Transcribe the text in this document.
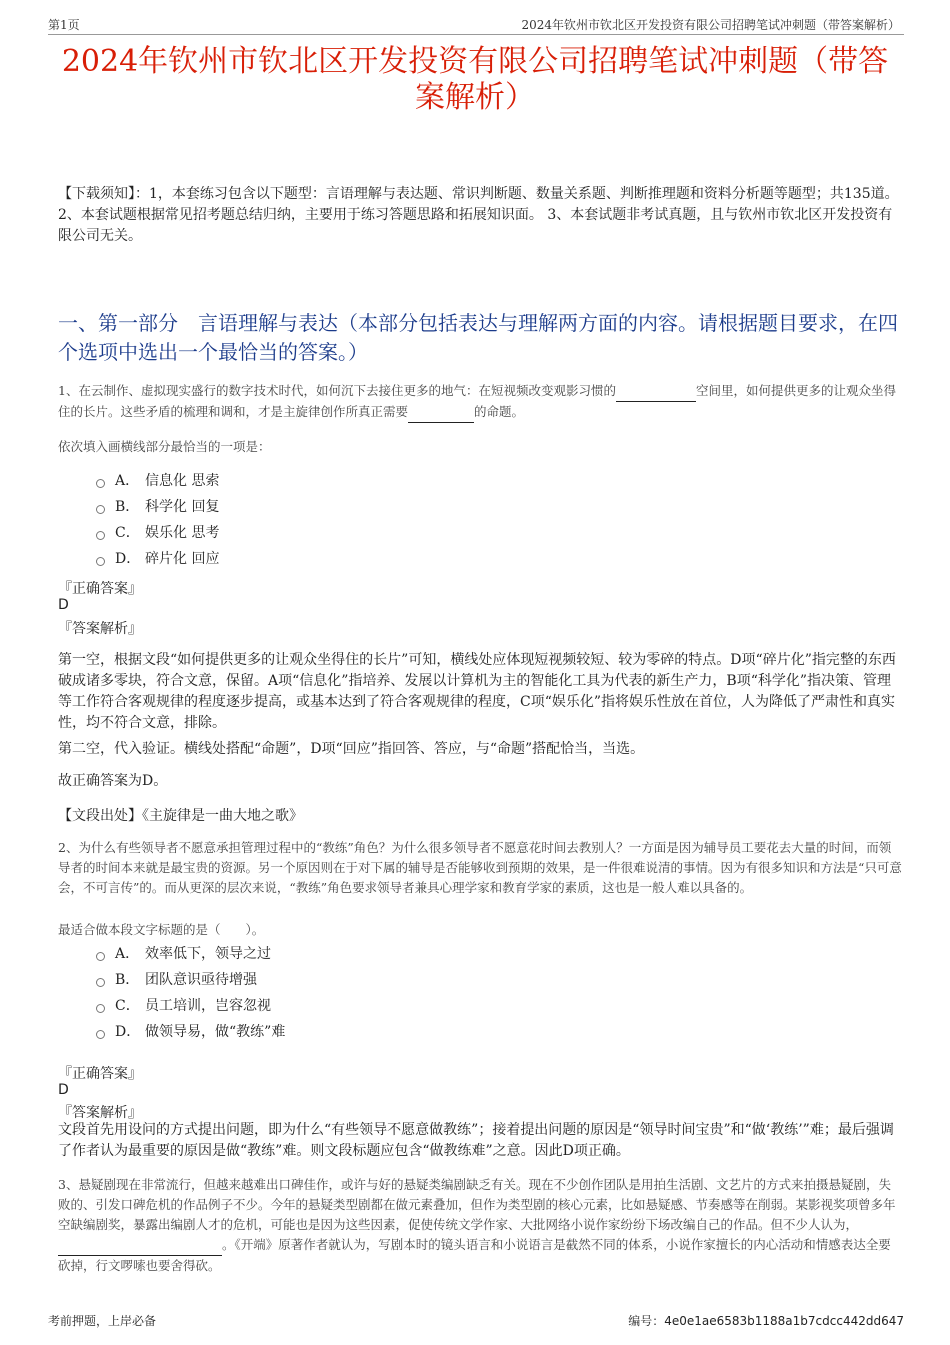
第1页	2024年钦州市钦北区开发投资有限公司招聘笔试冲刺题（带答案解析）
2024年钦州市钦北区开发投资有限公司招聘笔试冲刺题（带答案解析）
【下载须知】：1，本套练习包含以下题型：言语理解与表达题、常识判断题、数量关系题、判断推理题和资料分析题等题型；共135道。 2、本套试题根据常见招考题总结归纳，主要用于练习答题思路和拓展知识面。 3、本套试题非考试真题，且与钦州市钦北区开发投资有限公司无关。
一、第一部分　言语理解与表达（本部分包括表达与理解两方面的内容。请根据题目要求，在四个选项中选出一个最恰当的答案。）
1、在云制作、虚拟现实盛行的数字技术时代，如何沉下去接住更多的地气：在短视频改变观影习惯的	空间里，如何提供更多的让观众坐得住的长片。这些矛盾的梳理和调和，才是主旋律创作所真正需要	的命题。
依次填入画横线部分最恰当的一项是：
A． 信息化 思索
B． 科学化 回复
C． 娱乐化 思考
D． 碎片化 回应
『正确答案』
D
『答案解析』
第一空，根据文段“如何提供更多的让观众坐得住的长片”可知，横线处应体现短视频较短、较为零碎的特点。D项“碎片化”指完整的东西破成诸多零块，符合文意，保留。A项“信息化”指培养、发展以计算机为主的智能化工具为代表的新生产力，B项“科学化”指决策、管理等工作符合客观规律的程度逐步提高，或基本达到了符合客观规律的程度，C项“娱乐化”指将娱乐性放在首位，人为降低了严肃性和真实性，均不符合文意，排除。
第二空，代入验证。横线处搭配“命题”，D项“回应”指回答、答应，与“命题”搭配恰当，当选。
故正确答案为D。
【文段出处】《主旋律是一曲大地之歌》
2、为什么有些领导者不愿意承担管理过程中的“教练”角色？为什么很多领导者不愿意花时间去教别人？一方面是因为辅导员工要花去大量的时间，而领导者的时间本来就是最宝贵的资源。另一个原因则在于对下属的辅导是否能够收到预期的效果，是一件很难说清的事情。因为有很多知识和方法是“只可意会，不可言传”的。而从更深的层次来说，“教练”角色要求领导者兼具心理学家和教育学家的素质，这也是一般人难以具备的。
最适合做本段文字标题的是（　　）。
A． 效率低下，领导之过
B． 团队意识亟待增强
C． 员工培训，岂容忽视
D． 做领导易，做“教练”难
『正确答案』
D
『答案解析』
文段首先用设问的方式提出问题，即为什么“有些领导不愿意做教练”；接着提出问题的原因是“领导时间宝贵”和“做‘教练’”难；最后强调了作者认为最重要的原因是做“教练”难。则文段标题应包含“做教练难”之意。因此D项正确。
3、悬疑剧现在非常流行，但越来越难出口碑佳作，或许与好的悬疑类编剧缺乏有关。现在不少创作团队是用拍生活剧、文艺片的方式来拍摄悬疑剧，失败的、引发口碑危机的作品例子不少。今年的悬疑类型剧都在做元素叠加，但作为类型剧的核心元素，比如悬疑感、节奏感等在削弱。某影视奖项曾多年空缺编剧奖，暴露出编剧人才的危机，可能也是因为这些因素，促使传统文学作家、大批网络小说作家纷纷下场改编自己的作品。但不少人认为， 。《开端》原著作者就认为，写剧本时的镜头语言和小说语言是截然不同的体系，小说作家擅长的内心活动和情感表达全要砍掉，行文啰嗦也要舍得砍。
考前押题，上岸必备	编号：4e0e1ae6583b1188a1b7cdcc442dd647
